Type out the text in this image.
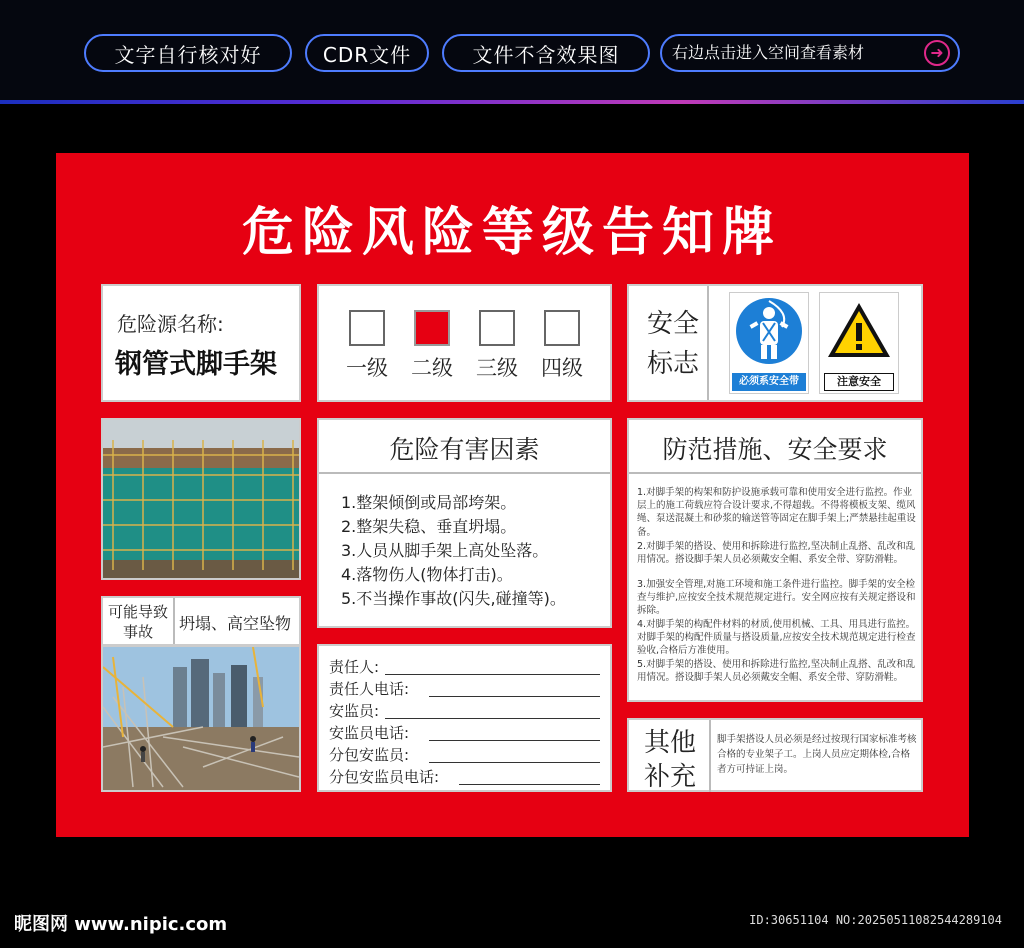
文字自行核对好	CDR文件	文件不含效果图	右边点击进入空间查看素材	➜
危险风险等级告知牌
危险源名称:
钢管式脚手架	一级	二级	三级	四级
安全标志
必须系安全带	注意安全
可能导致事故	坍塌、高空坠物
危险有害因素
1.整架倾倒或局部垮架。
2.整架失稳、垂直坍塌。
3.人员从脚手架上高处坠落。
4.落物伤人(物体打击)。
5.不当操作事故(闪失,碰撞等)。
责任人:
责任人电话:
安监员:
安监员电话:
分包安监员:
分包安监员电话:
防范措施、安全要求
1.对脚手架的构架和防护设施承载可靠和使用安全进行监控。作业层上的施工荷载应符合设计要求,不得超载。不得将模板支架、缆风绳、泵送混凝土和砂浆的输送管等固定在脚手架上;严禁悬挂起重设备。
2.对脚手架的搭设、使用和拆除进行监控,坚决制止乱搭、乱改和乱用情况。搭设脚手架人员必须戴安全帽、系安全带、穿防滑鞋。
3.加强安全管理,对施工环境和施工条件进行监控。脚手架的安全检查与维护,应按安全技术规范规定进行。安全网应按有关规定搭设和拆除。
4.对脚手架的构配件材料的材质,使用机械、工具、用具进行监控。对脚手架的构配件质量与搭设质量,应按安全技术规范规定进行检查验收,合格后方准使用。
5.对脚手架的搭设、使用和拆除进行监控,坚决制止乱搭、乱改和乱用情况。搭设脚手架人员必须戴安全帽、系安全带、穿防滑鞋。
其他补充
脚手架搭设人员必须是经过按现行国家标准考核合格的专业架子工。上岗人员应定期体检,合格者方可持证上岗。
昵图网 www.nipic.com	ID:30651104 NO:20250511082544289104
